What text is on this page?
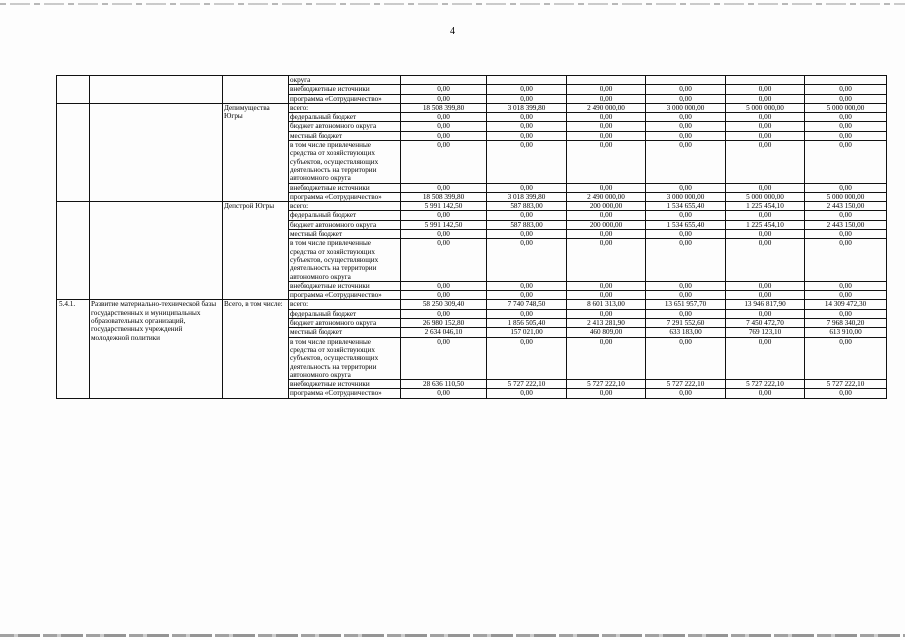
4
			округа						
			внебюджетные источники	0,00	0,00	0,00	0,00	0,00	0,00
			программа «Сотрудничество»	0,00	0,00	0,00	0,00	0,00	0,00
		Депимущества Югры	всего:	18 508 399,80	3 018 399,80	2 490 000,00	3 000 000,00	5 000 000,00	5 000 000,00
			федеральный бюджет	0,00	0,00	0,00	0,00	0,00	0,00
			бюджет автономного округа	0,00	0,00	0,00	0,00	0,00	0,00
			местный бюджет	0,00	0,00	0,00	0,00	0,00	0,00
			в том числе привлеченные средства от хозяйствующих субъектов, осуществляющих деятельность на территории автономного округа	0,00	0,00	0,00	0,00	0,00	0,00
			внебюджетные источники	0,00	0,00	0,00	0,00	0,00	0,00
			программа «Сотрудничество»	18 508 399,80	3 018 399,80	2 490 000,00	3 000 000,00	5 000 000,00	5 000 000,00
		Депстрой Югры	всего:	5 991 142,50	587 883,00	200 000,00	1 534 655,40	1 225 454,10	2 443 150,00
			федеральный бюджет	0,00	0,00	0,00	0,00	0,00	0,00
			бюджет автономного округа	5 991 142,50	587 883,00	200 000,00	1 534 655,40	1 225 454,10	2 443 150,00
			местный бюджет	0,00	0,00	0,00	0,00	0,00	0,00
			в том числе привлеченные средства от хозяйствующих субъектов, осуществляющих деятельность на территории автономного округа	0,00	0,00	0,00	0,00	0,00	0,00
			внебюджетные источники	0,00	0,00	0,00	0,00	0,00	0,00
			программа «Сотрудничество»	0,00	0,00	0,00	0,00	0,00	0,00
5.4.1.	Развитие материально-технической базы государственных и муниципальных образовательных организаций, государственных учреждений молодежной политики	Всего, в том числе:	всего:	58 250 309,40	7 740 748,50	8 601 313,00	13 651 957,70	13 946 817,90	14 309 472,30
			федеральный бюджет	0,00	0,00	0,00	0,00	0,00	0,00
			бюджет автономного округа	26 980 152,80	1 856 505,40	2 413 281,90	7 291 552,60	7 450 472,70	7 968 340,20
			местный бюджет	2 634 046,10	157 021,00	460 809,00	633 183,00	769 123,10	613 910,00
			в том числе привлеченные средства от хозяйствующих субъектов, осуществляющих деятельность на территории автономного округа	0,00	0,00	0,00	0,00	0,00	0,00
			внебюджетные источники	28 636 110,50	5 727 222,10	5 727 222,10	5 727 222,10	5 727 222,10	5 727 222,10
			программа «Сотрудничество»	0,00	0,00	0,00	0,00	0,00	0,00
